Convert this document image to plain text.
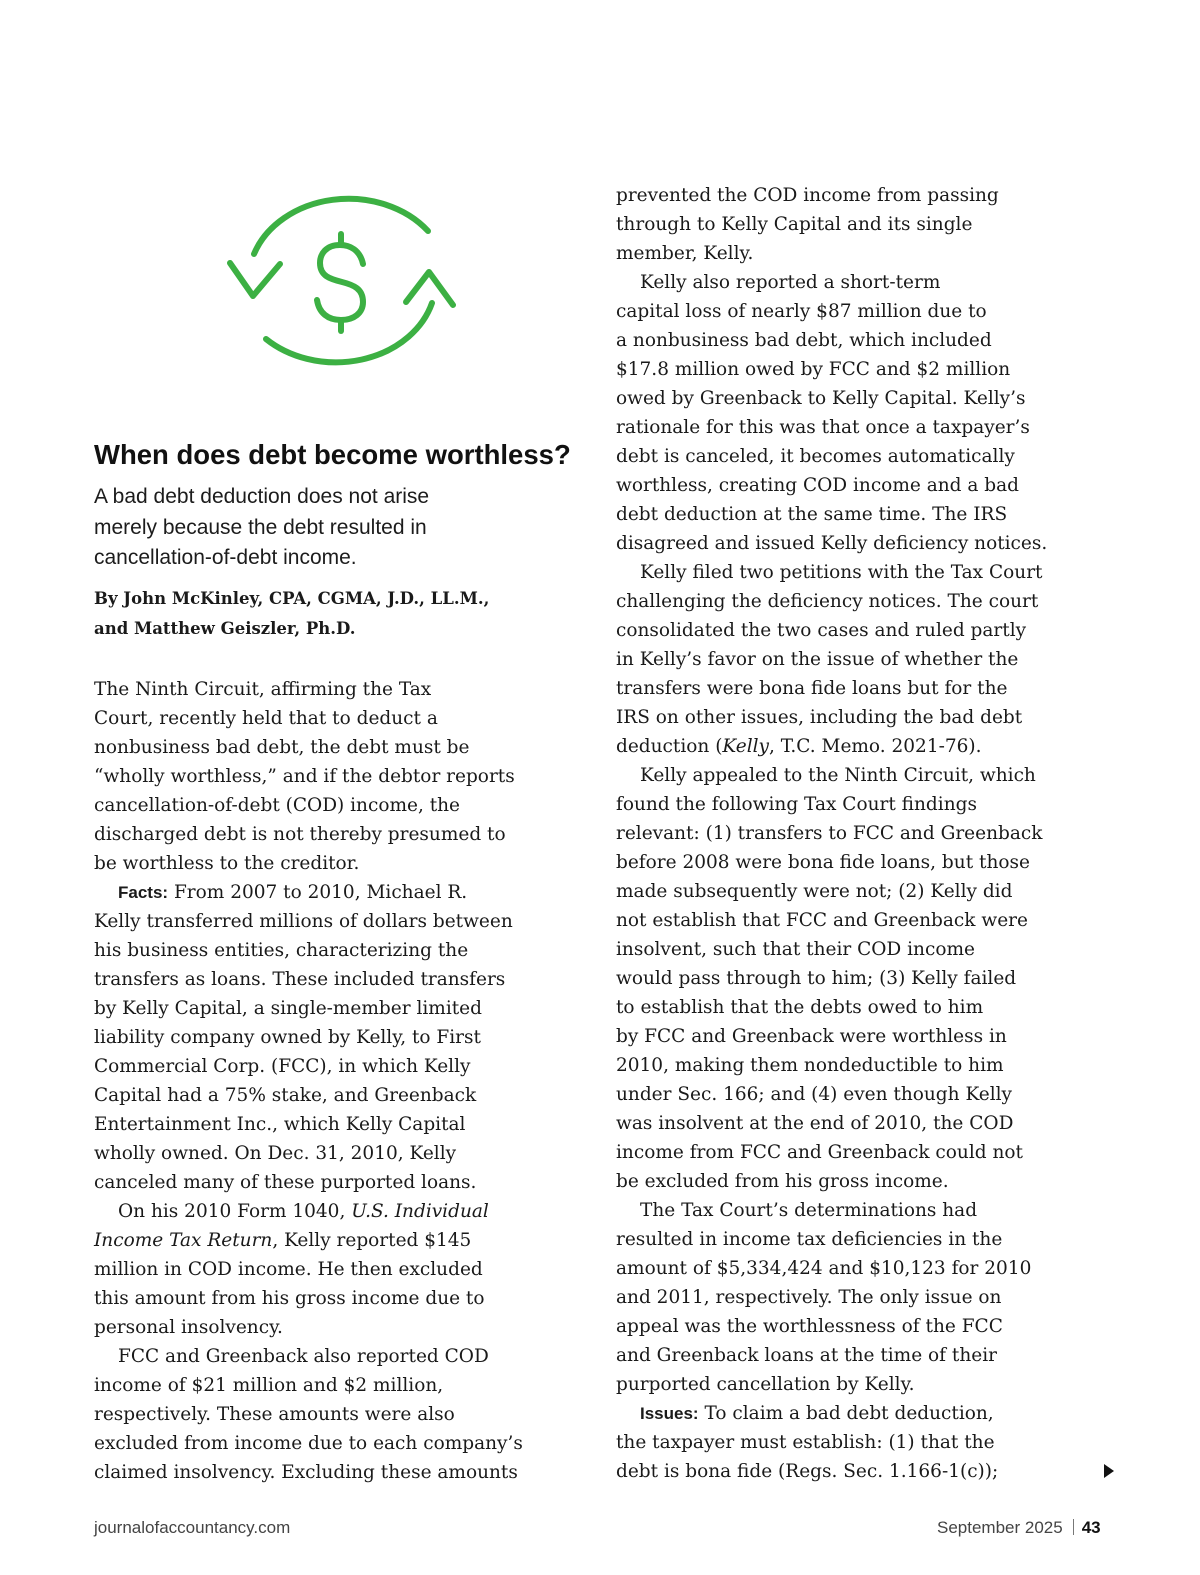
When does debt become worthless?

A bad debt deduction does not arise
merely because the debt resulted in
cancellation-of-debt income.

By John McKinley, CPA, CGMA, J.D., LL.M.,
and Matthew Geiszler, Ph.D.

The Ninth Circuit, affirming the Tax
Court, recently held that to deduct a
nonbusiness bad debt, the debt must be
“wholly worthless,” and if the debtor reports
cancellation-of-debt (COD) income, the
discharged debt is not thereby presumed to
be worthless to the creditor.

Facts: From 2007 to 2010, Michael R.
Kelly transferred millions of dollars between
his business entities, characterizing the
transfers as loans. These included transfers
by Kelly Capital, a single-member limited
liability company owned by Kelly, to First
Commercial Corp. (FCC), in which Kelly
Capital had a 75% stake, and Greenback
Entertainment Inc., which Kelly Capital
wholly owned. On Dec. 31, 2010, Kelly
canceled many of these purported loans.

On his 2010 Form 1040, U.S. Individual
Income Tax Return, Kelly reported $145
million in COD income. He then excluded
this amount from his gross income due to
personal insolvency.

FCC and Greenback also reported COD
income of $21 million and $2 million,
respectively. These amounts were also
excluded from income due to each company’s
claimed insolvency. Excluding these amounts

prevented the COD income from passing
through to Kelly Capital and its single
member, Kelly.

Kelly also reported a short-term
capital loss of nearly $87 million due to
a nonbusiness bad debt, which included
$17.8 million owed by FCC and $2 million
owed by Greenback to Kelly Capital. Kelly’s
rationale for this was that once a taxpayer’s
debt is canceled, it becomes automatically
worthless, creating COD income and a bad
debt deduction at the same time. The IRS
disagreed and issued Kelly deficiency notices.

Kelly filed two petitions with the Tax Court
challenging the deficiency notices. The court
consolidated the two cases and ruled partly
in Kelly’s favor on the issue of whether the
transfers were bona fide loans but for the
IRS on other issues, including the bad debt
deduction (Kelly, T.C. Memo. 2021-76).

Kelly appealed to the Ninth Circuit, which
found the following Tax Court findings
relevant: (1) transfers to FCC and Greenback
before 2008 were bona fide loans, but those
made subsequently were not; (2) Kelly did
not establish that FCC and Greenback were
insolvent, such that their COD income
would pass through to him; (3) Kelly failed
to establish that the debts owed to him
by FCC and Greenback were worthless in
2010, making them nondeductible to him
under Sec. 166; and (4) even though Kelly
was insolvent at the end of 2010, the COD
income from FCC and Greenback could not
be excluded from his gross income.

The Tax Court’s determinations had
resulted in income tax deficiencies in the
amount of $5,334,424 and $10,123 for 2010
and 2011, respectively. The only issue on
appeal was the worthlessness of the FCC
and Greenback loans at the time of their
purported cancellation by Kelly.

Issues: To claim a bad debt deduction,
the taxpayer must establish: (1) that the
debt is bona fide (Regs. Sec. 1.166-1(c));

journalofaccountancy.com	September 2025 43
